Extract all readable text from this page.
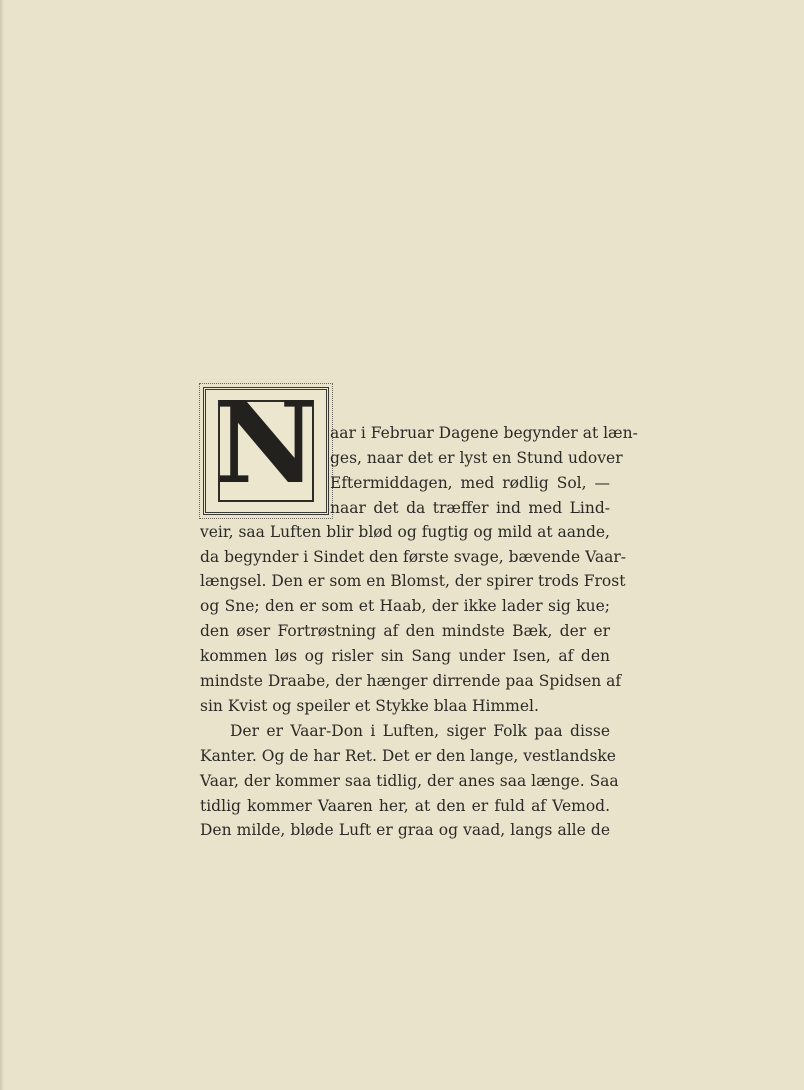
N aar i Februar Dagene begynder at læn-
ges, naar det er lyst en Stund udover
Eftermiddagen, med rødlig Sol, —
naar det da træffer ind med Lind-
veir, saa Luften blir blød og fugtig og mild at aande,
da begynder i Sindet den første svage, bævende Vaar-
længsel. Den er som en Blomst, der spirer trods Frost
og Sne; den er som et Haab, der ikke lader sig kue;
den øser Fortrøstning af den mindste Bæk, der er
kommen løs og risler sin Sang under Isen, af den
mindste Draabe, der hænger dirrende paa Spidsen af
sin Kvist og speiler et Stykke blaa Himmel.
Der er Vaar-Don i Luften, siger Folk paa disse
Kanter. Og de har Ret. Det er den lange, vestlandske
Vaar, der kommer saa tidlig, der anes saa længe. Saa
tidlig kommer Vaaren her, at den er fuld af Vemod.
Den milde, bløde Luft er graa og vaad, langs alle de
